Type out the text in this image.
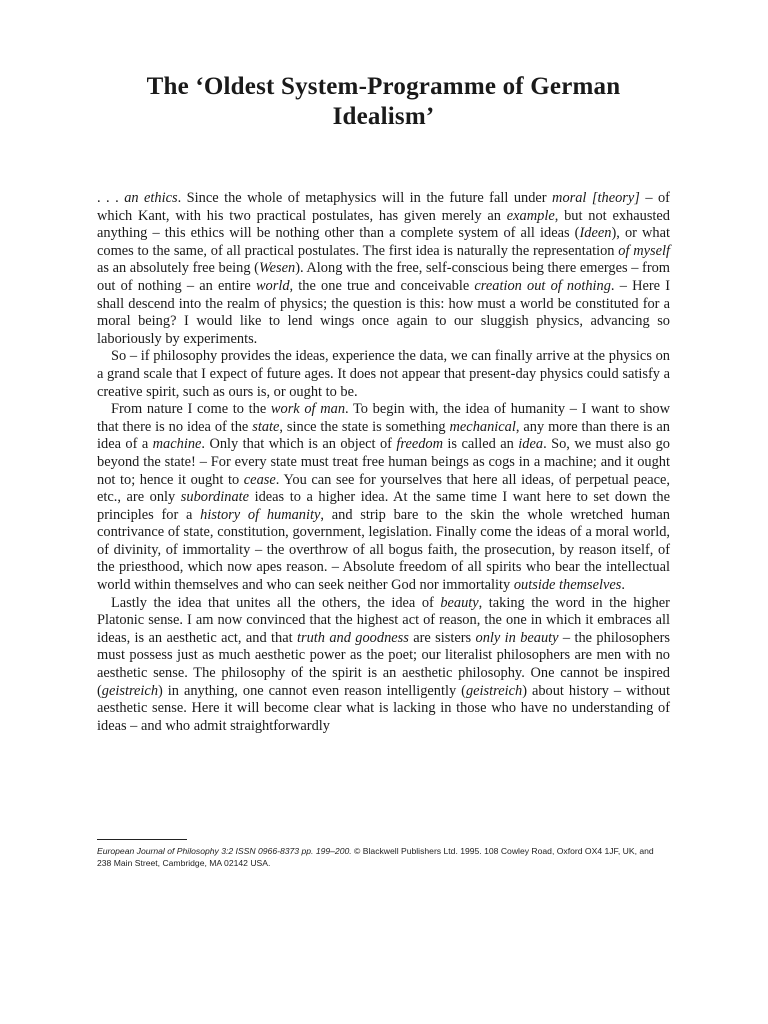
The ‘Oldest System-Programme of German
Idealism’

. . . an ethics. Since the whole of metaphysics will in the future fall under moral [theory] – of which Kant, with his two practical postulates, has given merely an example, but not exhausted anything – this ethics will be nothing other than a complete system of all ideas (Ideen), or what comes to the same, of all practical postulates. The first idea is naturally the representation of myself as an absolutely free being (Wesen). Along with the free, self-conscious being there emerges – from out of nothing – an entire world, the one true and conceivable creation out of nothing. – Here I shall descend into the realm of physics; the question is this: how must a world be constituted for a moral being? I would like to lend wings once again to our sluggish physics, advancing so laboriously by experiments.

So – if philosophy provides the ideas, experience the data, we can finally arrive at the physics on a grand scale that I expect of future ages. It does not appear that present-day physics could satisfy a creative spirit, such as ours is, or ought to be.

From nature I come to the work of man. To begin with, the idea of humanity – I want to show that there is no idea of the state, since the state is something mechanical, any more than there is an idea of a machine. Only that which is an object of freedom is called an idea. So, we must also go beyond the state! – For every state must treat free human beings as cogs in a machine; and it ought not to; hence it ought to cease. You can see for yourselves that here all ideas, of perpetual peace, etc., are only subordinate ideas to a higher idea. At the same time I want here to set down the principles for a history of humanity, and strip bare to the skin the whole wretched human contrivance of state, constitution, government, legislation. Finally come the ideas of a moral world, of divinity, of immortality – the overthrow of all bogus faith, the prosecution, by reason itself, of the priesthood, which now apes reason. – Absolute freedom of all spirits who bear the intellectual world within themselves and who can seek neither God nor immortality outside themselves.

Lastly the idea that unites all the others, the idea of beauty, taking the word in the higher Platonic sense. I am now convinced that the highest act of reason, the one in which it embraces all ideas, is an aesthetic act, and that truth and goodness are sisters only in beauty – the philosophers must possess just as much aesthetic power as the poet; our literalist philosophers are men with no aesthetic sense. The philosophy of the spirit is an aesthetic philosophy. One cannot be inspired (geistreich) in anything, one cannot even reason intelligently (geistreich) about history – without aesthetic sense. Here it will become clear what is lacking in those who have no understanding of ideas – and who admit straightforwardly

European Journal of Philosophy 3:2 ISSN 0966-8373 pp. 199–200. © Blackwell Publishers Ltd. 1995. 108 Cowley Road, Oxford OX4 1JF, UK, and 238 Main Street, Cambridge, MA 02142 USA.
